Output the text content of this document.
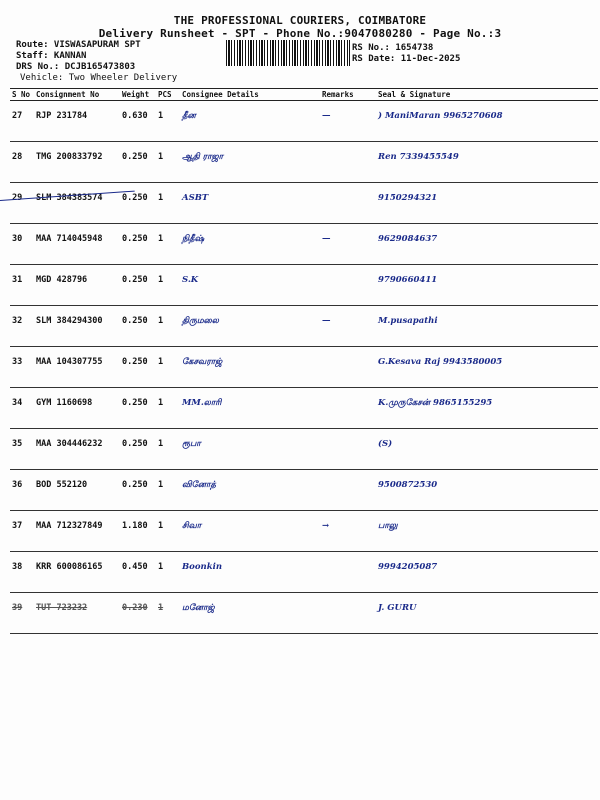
THE PROFESSIONAL COURIERS, COIMBATORE
Delivery Runsheet - SPT - Phone No.:9047080280 - Page No.:3
Route: VISWASAPURAM SPT
Staff: KANNAN
DRS No.: DCJB165473803
Vehicle: Two Wheeler Delivery
RS No.: 1654738
RS Date: 11-Dec-2025
S No	Consignment No	Weight	PCS	Consignee Details	Remarks	Seal & Signature
27	RJP 231784	0.630	1	தீன	—	) ManiMaran 9965270608
28	TMG 200833792	0.250	1	ஆதி ராஜா		Ren 7339455549
29	SLM 384383574	0.250	1	ASBT		9150294321
30	MAA 714045948	0.250	1	நிதீஷ்	—	9629084637
31	MGD 428796	0.250	1	S.K		9790660411
32	SLM 384294300	0.250	1	திருமலை	—	M.pusapathi
33	MAA 104307755	0.250	1	கேசவராஜ்		G.Kesava Raj 9943580005
34	GYM 1160698	0.250	1	MM.லாரி		K.முருகேசன் 9865155295
35	MAA 304446232	0.250	1	ரூபா		(S)
36	BOD 552120	0.250	1	வினோத்		9500872530
37	MAA 712327849	1.180	1	சிவா	→	பாலு
38	KRR 600086165	0.450	1	Boonkin		9994205087
39	TUT 723232	0.230	1	மனோஜ்		J. GURU
